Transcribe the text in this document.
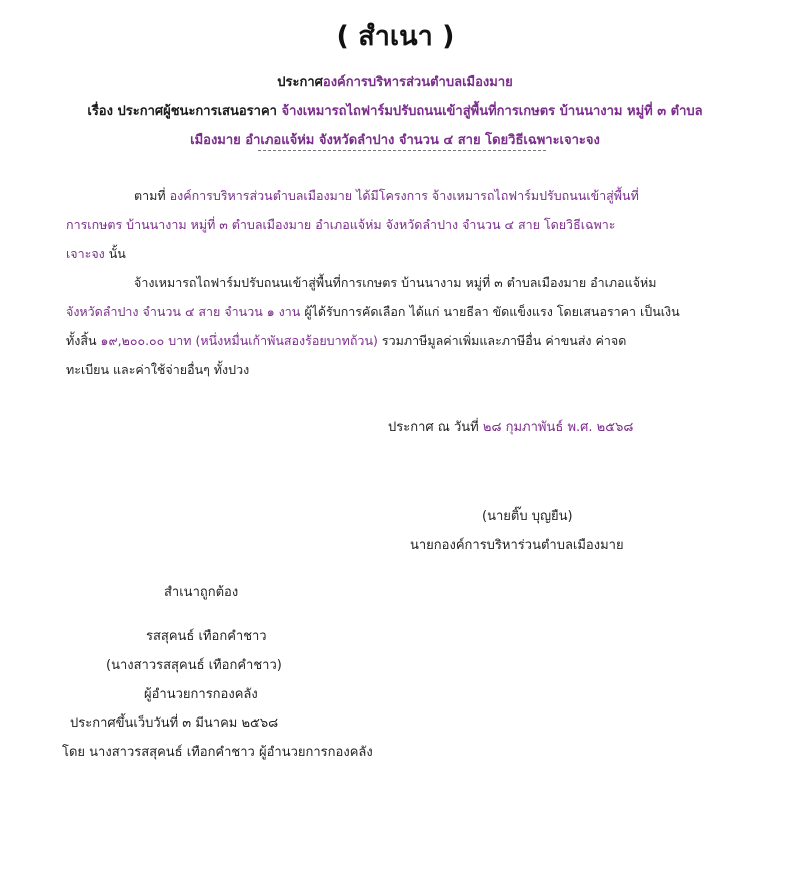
( สำเนา )
ประกาศองค์การบริหารส่วนตำบลเมืองมาย
เรื่อง ประกาศผู้ชนะการเสนอราคา จ้างเหมารถไถฟาร์มปรับถนนเข้าสู่พื้นที่การเกษตร บ้านนางาม หมู่ที่ ๓ ตำบล
เมืองมาย อำเภอแจ้ห่ม จังหวัดลำปาง จำนวน ๔ สาย โดยวิธีเฉพาะเจาะจง
ตามที่ องค์การบริหารส่วนตำบลเมืองมาย ได้มีโครงการ จ้างเหมารถไถฟาร์มปรับถนนเข้าสู่พื้นที่
การเกษตร บ้านนางาม หมู่ที่ ๓ ตำบลเมืองมาย อำเภอแจ้ห่ม จังหวัดลำปาง จำนวน ๔ สาย โดยวิธีเฉพาะ
เจาะจง นั้น
จ้างเหมารถไถฟาร์มปรับถนนเข้าสู่พื้นที่การเกษตร บ้านนางาม หมู่ที่ ๓ ตำบลเมืองมาย อำเภอแจ้ห่ม
จังหวัดลำปาง จำนวน ๔ สาย จำนวน ๑ งาน ผู้ได้รับการคัดเลือก ได้แก่ นายธีลา ขัดแข็งแรง โดยเสนอราคา เป็นเงิน
ทั้งสิ้น ๑๙,๒๐๐.๐๐ บาท (หนึ่งหมื่นเก้าพันสองร้อยบาทถ้วน) รวมภาษีมูลค่าเพิ่มและภาษีอื่น ค่าขนส่ง ค่าจด
ทะเบียน และค่าใช้จ่ายอื่นๆ ทั้งปวง
ประกาศ ณ วันที่ ๒๘ กุมภาพันธ์ พ.ศ. ๒๕๖๘
(นายติ๊บ บุญยืน)
นายกองค์การบริหาร่วนตำบลเมืองมาย
สำเนาถูกต้อง
รสสุคนธ์ เทือกคำชาว
(นางสาวรสสุคนธ์ เทือกคำชาว)
ผู้อำนวยการกองคลัง
ประกาศขึ้นเว็บวันที่ ๓ มีนาคม ๒๕๖๘
โดย นางสาวรสสุคนธ์ เทือกคำชาว ผู้อำนวยการกองคลัง
